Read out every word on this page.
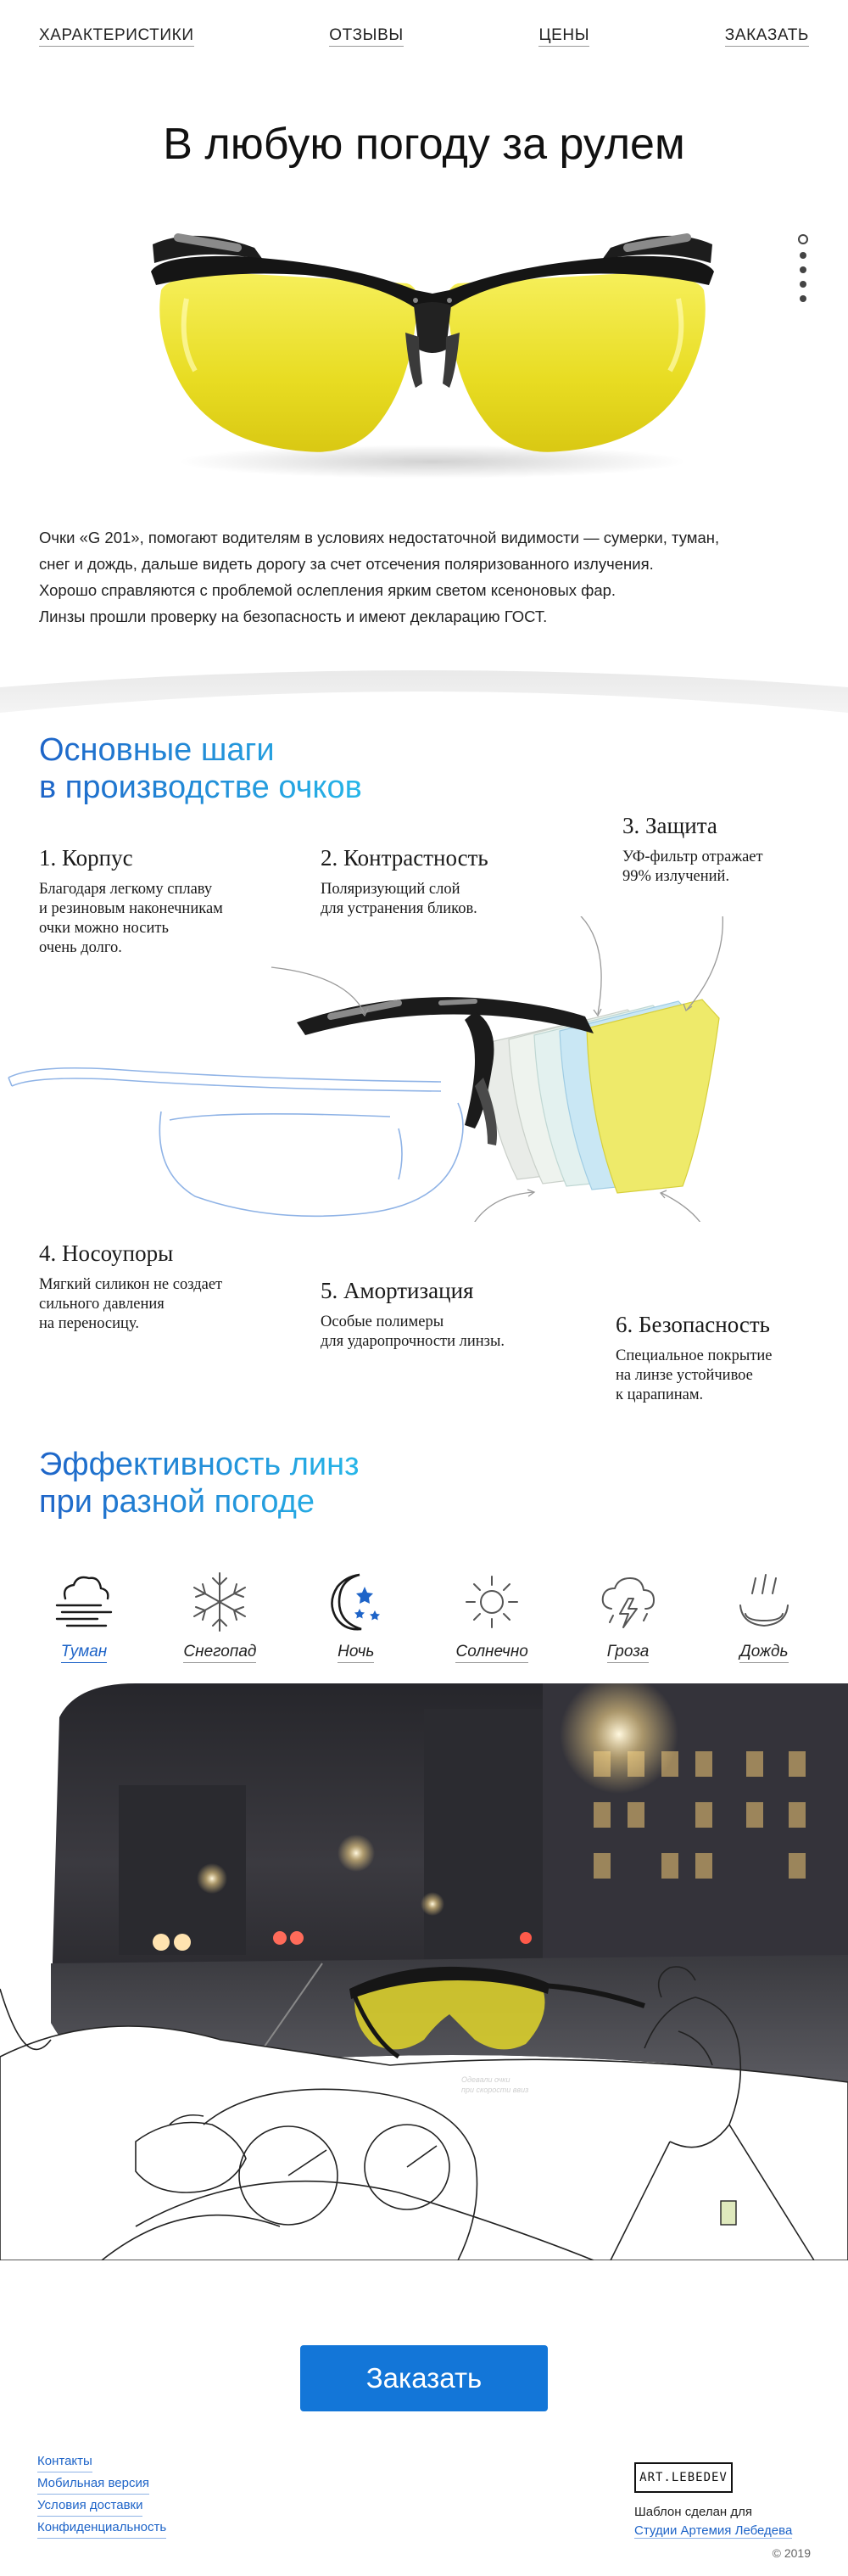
ХАРАКТЕРИСТИКИ	ОТЗЫВЫ	ЦЕНЫ	ЗАКАЗАТЬ
В любую погоду за рулем

Очки «G 201», помогают водителям в условиях недостаточной видимости — сумерки, туман,

снег и дождь, дальше видеть дорогу за счет отсечения поляризованного излучения.

Хорошо справляются с проблемой ослепления ярким светом ксеноновых фар.

Линзы прошли проверку на безопасность и имеют декларацию ГОСТ.

Основные шаги
в производстве очков
1. Корпус

Благодаря легкому сплаву

и резиновым наконечникам

очки можно носить

очень долго.

2. Контрастность

Поляризующий слой

для устранения бликов.

3. Защита

УФ-фильтр отражает

99% излучений.

4. Носоупоры

Мягкий силикон не создает

сильного давления

на переносицу.

5. Амортизация

Особые полимеры

для ударопрочности линзы.

6. Безопасность

Специальное покрытие

на линзе устойчивое

к царапинам.

Эффективность линз
при разной погоде
Туман	Снегопад	Ночь	Солнечно	Гроза	Дождь
Одевали очки
при скорости ввиз
Заказать
Контакты
Мобильная версия
Условия доставки
Конфиденциальность
ART.LEBEDEV
Шаблон сделан для
Студии Артемия Лебедева
© 2019
